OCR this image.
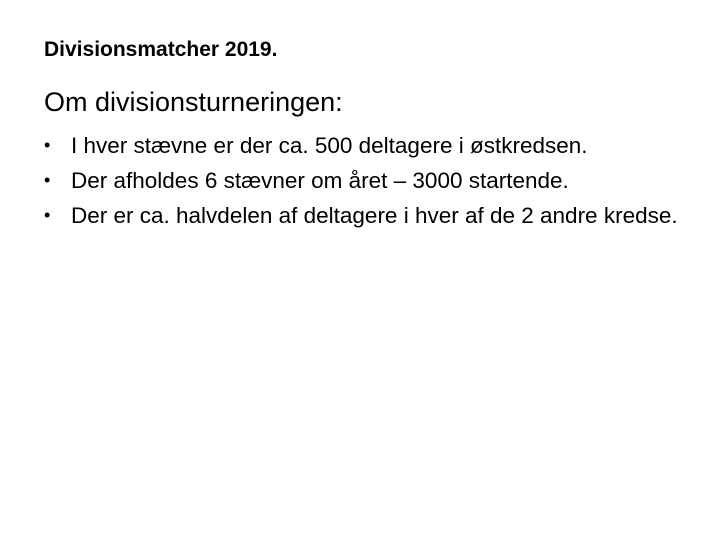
Divisionsmatcher 2019.
Om divisionsturneringen:
• I hver stævne er der ca. 500 deltagere i østkredsen.
• Der afholdes 6 stævner om året – 3000 startende.
• Der er ca. halvdelen af deltagere i hver af de 2 andre kredse.
